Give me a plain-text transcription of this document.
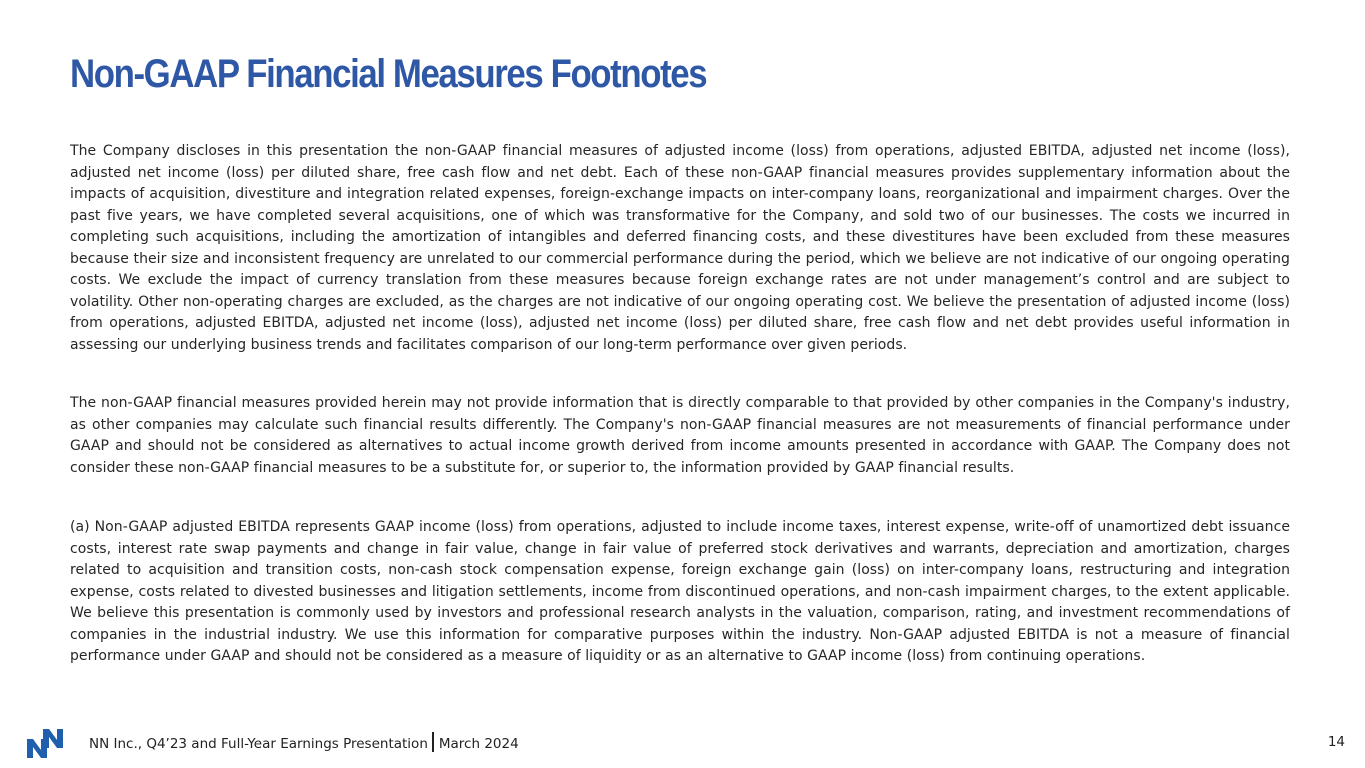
Non-GAAP Financial Measures Footnotes

The Company discloses in this presentation the non-GAAP financial measures of adjusted income (loss) from operations, adjusted EBITDA, adjusted net income (loss), adjusted net income (loss) per diluted share, free cash flow and net debt. Each of these non-GAAP financial measures provides supplementary information about the impacts of acquisition, divestiture and integration related expenses, foreign-exchange impacts on inter-company loans, reorganizational and impairment charges. Over the past five years, we have completed several acquisitions, one of which was transformative for the Company, and sold two of our businesses. The costs we incurred in completing such acquisitions, including the amortization of intangibles and deferred financing costs, and these divestitures have been excluded from these measures because their size and inconsistent frequency are unrelated to our commercial performance during the period, which we believe are not indicative of our ongoing operating costs. We exclude the impact of currency translation from these measures because foreign exchange rates are not under management’s control and are subject to volatility. Other non-operating charges are excluded, as the charges are not indicative of our ongoing operating cost. We believe the presentation of adjusted income (loss) from operations, adjusted EBITDA, adjusted net income (loss), adjusted net income (loss) per diluted share, free cash flow and net debt provides useful information in assessing our underlying business trends and facilitates comparison of our long-term performance over given periods.

The non-GAAP financial measures provided herein may not provide information that is directly comparable to that provided by other companies in the Company's industry, as other companies may calculate such financial results differently. The Company's non-GAAP financial measures are not measurements of financial performance under GAAP and should not be considered as alternatives to actual income growth derived from income amounts presented in accordance with GAAP. The Company does not consider these non-GAAP financial measures to be a substitute for, or superior to, the information provided by GAAP financial results.

(a) Non-GAAP adjusted EBITDA represents GAAP income (loss) from operations, adjusted to include income taxes, interest expense, write-off of unamortized debt issuance costs, interest rate swap payments and change in fair value, change in fair value of preferred stock derivatives and warrants, depreciation and amortization, charges related to acquisition and transition costs, non-cash stock compensation expense, foreign exchange gain (loss) on inter-company loans, restructuring and integration expense, costs related to divested businesses and litigation settlements, income from discontinued operations, and non-cash impairment charges, to the extent applicable. We believe this presentation is commonly used by investors and professional research analysts in the valuation, comparison, rating, and investment recommendations of companies in the industrial industry. We use this information for comparative purposes within the industry. Non-GAAP adjusted EBITDA is not a measure of financial performance under GAAP and should not be considered as a measure of liquidity or as an alternative to GAAP income (loss) from continuing operations.

NN Inc., Q4’23 and Full-Year Earnings Presentation March 2024	14
